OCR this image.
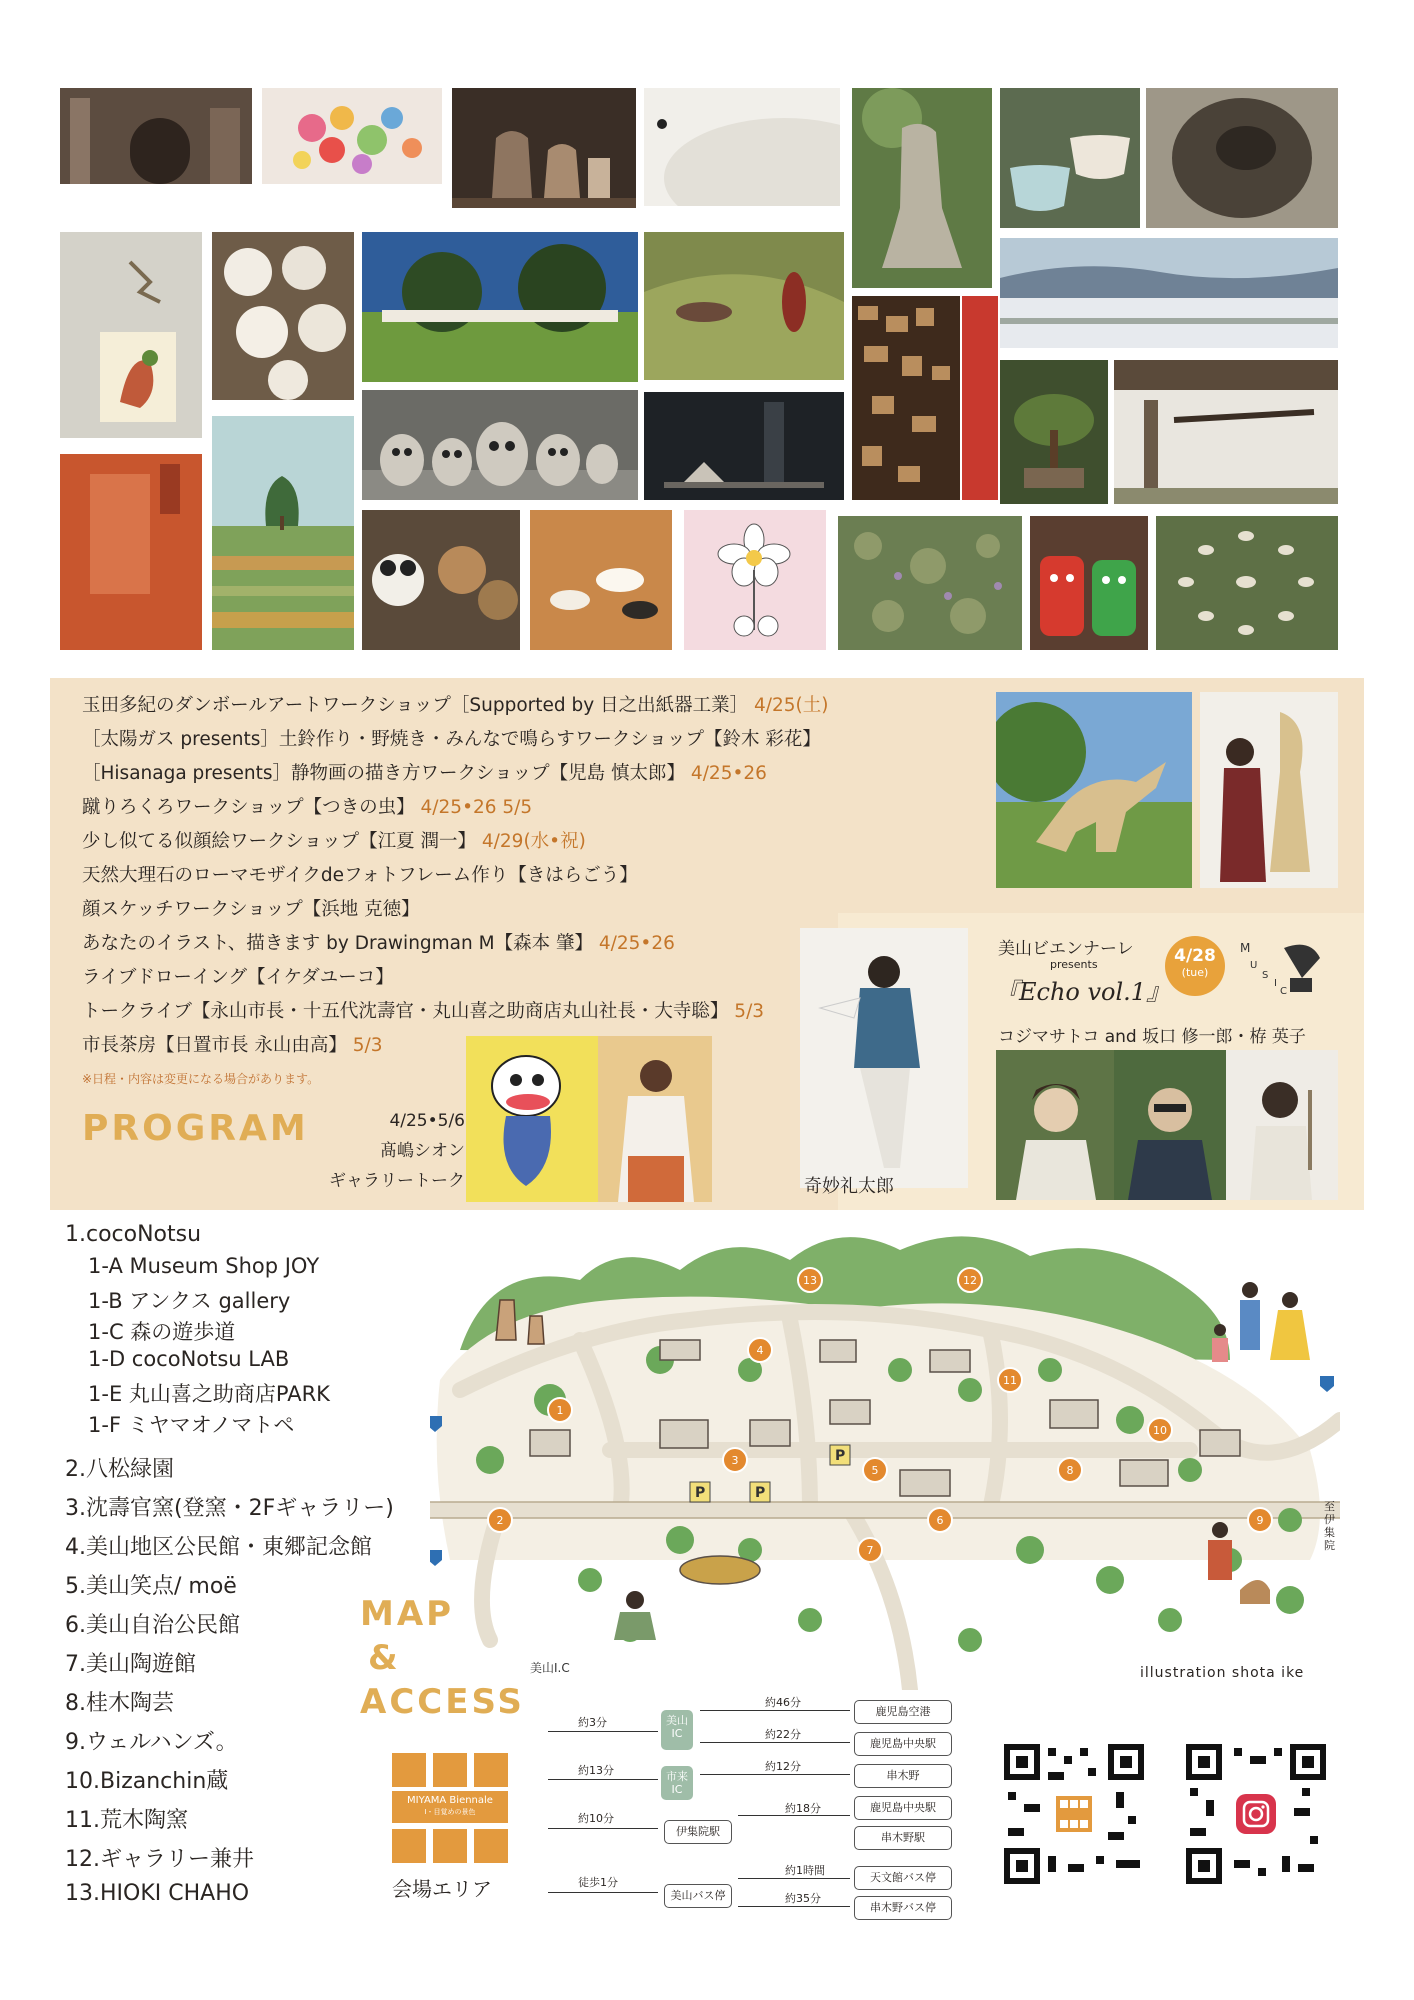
玉田多紀のダンボールアートワークショップ［Supported by 日之出紙器工業］ 4/25(土)
［太陽ガス presents］土鈴作り・野焼き・みんなで鳴らすワークショップ【鈴木 彩花】
［Hisanaga presents］静物画の描き方ワークショップ【児島 慎太郎】 4/25•26
蹴りろくろワークショップ【つきの虫】 4/25•26 5/5
少し似てる似顔絵ワークショップ【江夏 潤一】 4/29(水•祝)
天然大理石のローマモザイクdeフォトフレーム作り【きはらごう】
顔スケッチワークショップ【浜地 克徳】
あなたのイラスト、描きます by Drawingman M【森本 肇】 4/25•26
ライブドローイング【イケダユーコ】
トークライブ【永山市長・十五代沈壽官・丸山喜之助商店丸山社長・大寺聡】 5/3
市長茶房【日置市長 永山由高】 5/3
※日程・内容は変更になる場合があります。
PROGRAM	4/25•5/6
髙嶋シオン
ギャラリートーク	奇妙礼太郎
美山ビエンナーレ
presents
『Echo vol.1』
4/28
(tue)
M
U
S
I
C
コジマサトコ and 坂口 修一郎・栫 英子
1.cocoNotsu
1-A Museum Shop JOY
1-B アンクス gallery
1-C 森の遊歩道
1-D cocoNotsu LAB
1-E 丸山喜之助商店PARK
1-F ミヤマオノマトペ
2.八松緑園
3.沈壽官窯(登窯・2Fギャラリー)
4.美山地区公民館・東郷記念館
5.美山笑点/ moë
6.美山自治公民館
7.美山陶遊館
8.桂木陶芸
9.ウェルハンズ。
10.Bizanchin蔵
11.荒木陶窯
12.ギャラリー兼井
13.HIOKI CHAHO
MAP
&
ACCESS
P	P
P
1
2
3
4
5
6
7
8
9
10
11
12
13
美山I.C
至伊集院
illustration shota ike
MIYAMA Biennale
Ⅰ・目覚めの景色
会場エリア
約3分
約13分
約10分
徒歩1分
美山
IC
市来
IC
伊集院駅
美山バス停
約46分
約22分
約12分
約18分
約1時間
約35分
鹿児島空港
鹿児島中央駅
串木野
鹿児島中央駅
串木野駅
天文館バス停
串木野バス停
